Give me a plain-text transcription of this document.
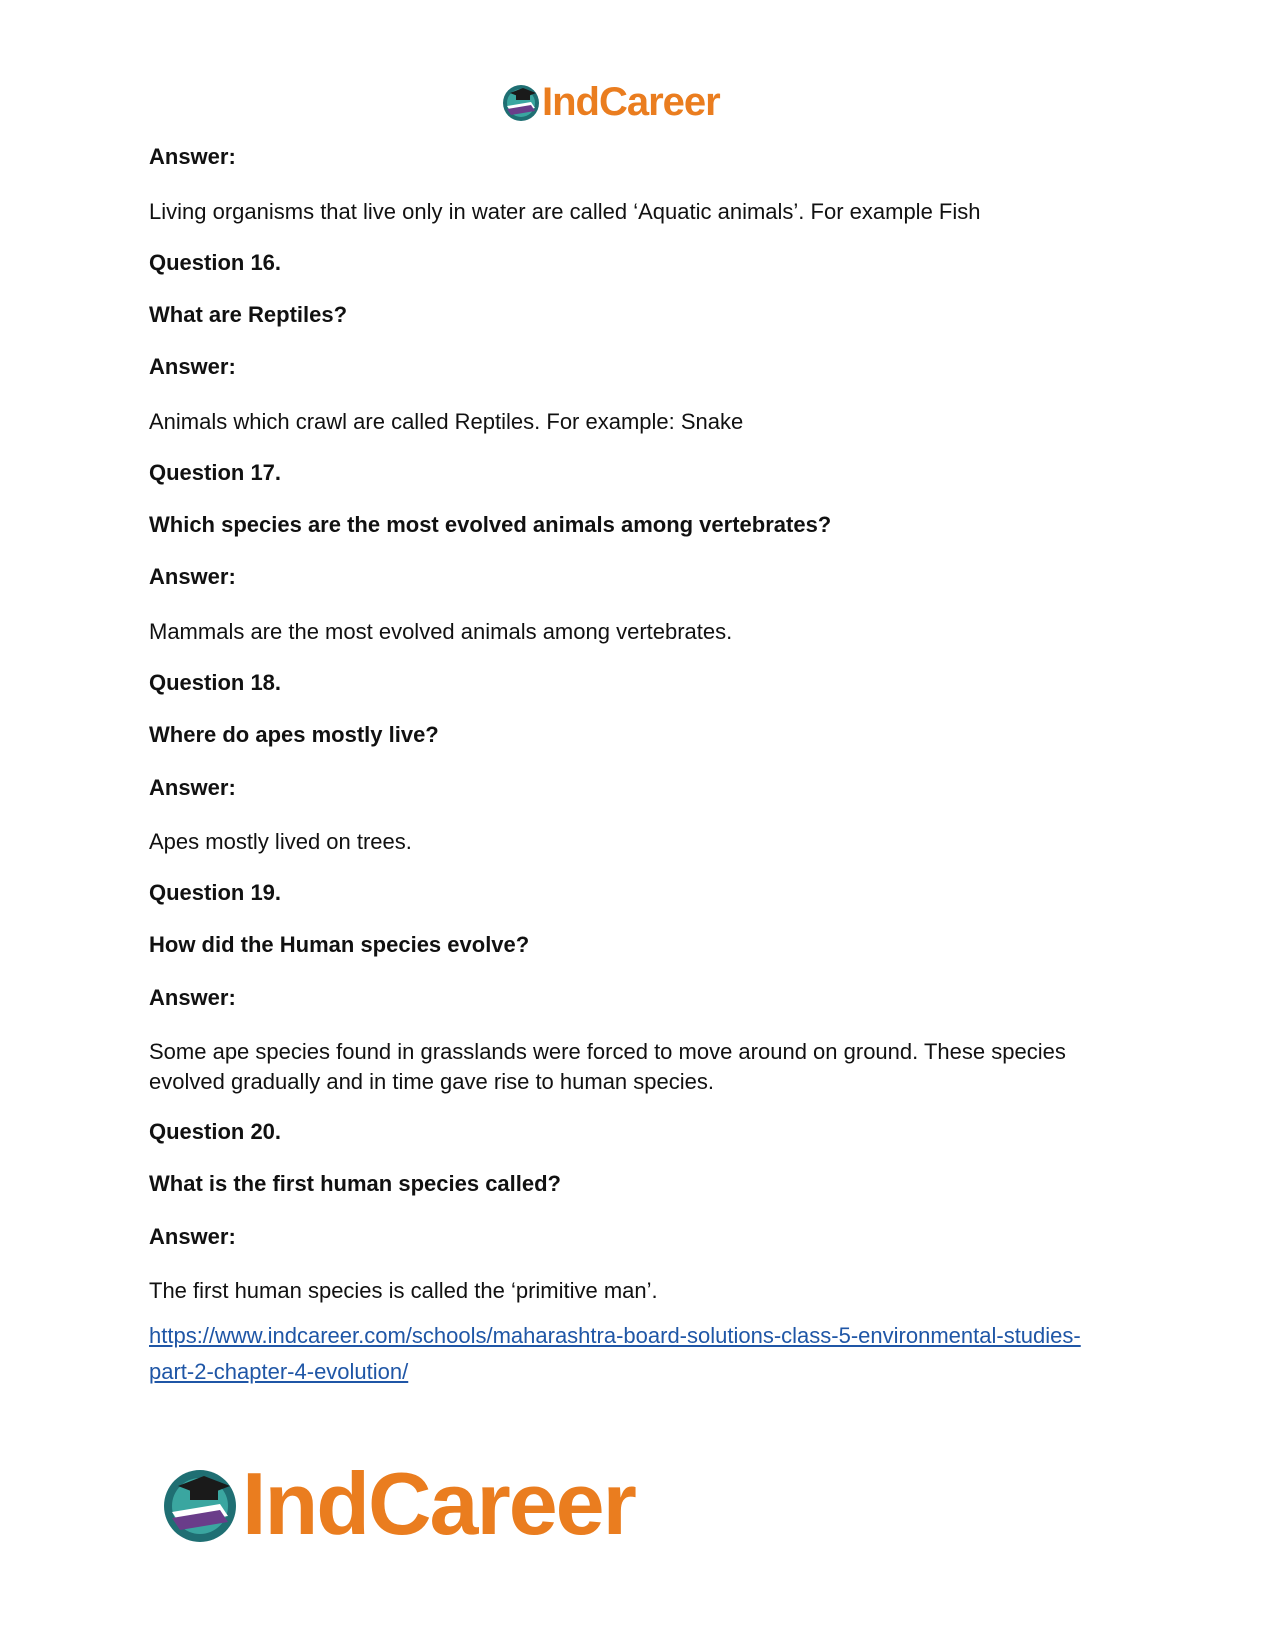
IndCareer

Answer:

Living organisms that live only in water are called ‘Aquatic animals’. For example Fish

Question 16.

What are Reptiles?

Answer:

Animals which crawl are called Reptiles. For example: Snake

Question 17.

Which species are the most evolved animals among vertebrates?

Answer:

Mammals are the most evolved animals among vertebrates.

Question 18.

Where do apes mostly live?

Answer:

Apes mostly lived on trees.

Question 19.

How did the Human species evolve?

Answer:

Some ape species found in grasslands were forced to move around on ground. These species evolved gradually and in time gave rise to human species.

Question 20.

What is the first human species called?

Answer:

The first human species is called the ‘primitive man’.

https://www.indcareer.com/schools/maharashtra-board-solutions-class-5-environmental-studies-
part-2-chapter-4-evolution/
IndCareer
